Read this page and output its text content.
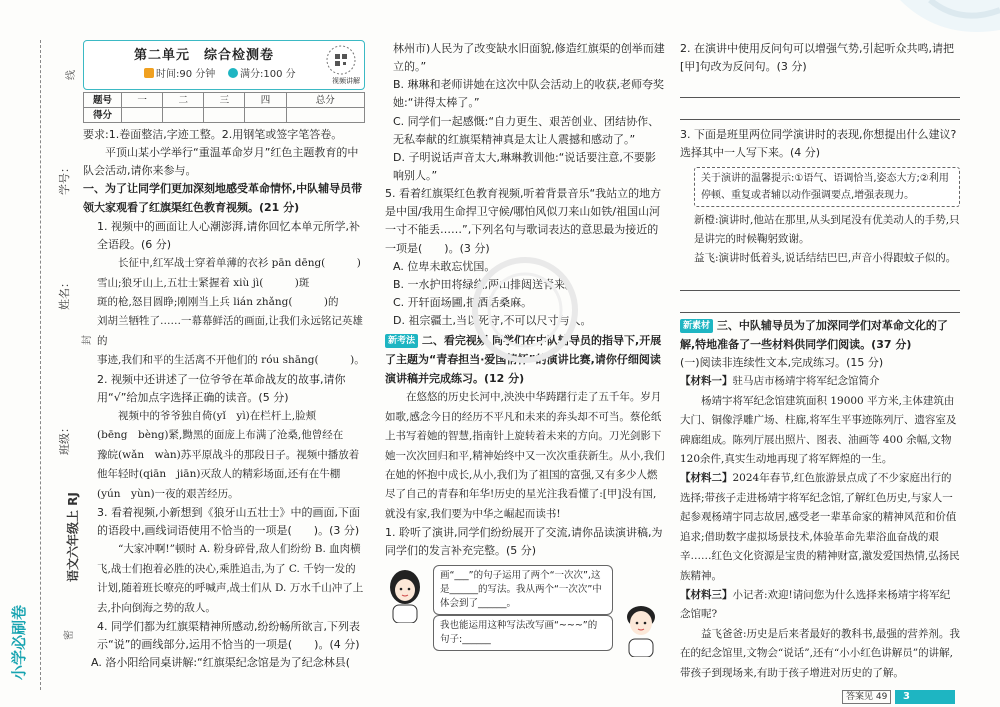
线
封
密
学号：
姓名：
班级：
语文六年级上 RJ
小学必刷卷
第二单元　综合检测卷
时间:90 分钟 满分:100 分
视频讲解
题号	一	二	三	四	总分
得分					

要求:1.卷面整洁,字迹工整。2.用钢笔或签字笔答卷。

平顶山某小学举行“重温革命岁月”红色主题教育的中队会活动,请你来参与。

一、为了让同学们更加深刻地感受革命情怀,中队辅导员带领大家观看了红旗渠红色教育视频。(21 分)

1. 视频中的画面让人心潮澎湃,请你回忆本单元所学,补全语段。(6 分)

长征中,红军战士穿着单薄的衣衫 pān dēng(　　　)

雪山;狼牙山上,五壮士紧握着 xiù jì(　　　)斑

斑的枪,怒目圆睁;刚刚当上兵 lián zhǎng(　　　)的

刘胡兰牺牲了……一幕幕鲜活的画面,让我们永远铭记英雄的

事迹,我们和平的生活离不开他们的 róu shāng(　　　)。

2. 视频中还讲述了一位爷爷在革命战友的故事,请你用“√”给加点字选择正确的读音。(5 分)

视频中的爷爷独自倚(yǐ　yì)在栏杆上,脸颊

(bēng　bèng)紧,黝黑的面庞上布满了沧桑,他曾经在

豫皖(wǎn　wàn)苏平原战斗的那段日子。视频中播放着

他年轻时(qiān　jiān)灭敌人的精彩场面,还有在牛棚

(yún　yùn)一夜的艰苦经历。

3. 看着视频,小新想到《狼牙山五壮士》中的画面,下面的语段中,画线词语使用不恰当的一项是(　　)。(3 分)

“大家冲啊!”顿时 A. 粉身碎骨,敌人们纷纷 B. 血肉横飞,战士们抱着必胜的决心,乘胜追击,为了 C. 千钧一发的计划,随着班长嘹亮的呼喊声,战士们从 D. 万水千山冲了上去,扑向倒海之势的敌人。

4. 同学们都为红旗渠精神所感动,纷纷畅所欲言,下列表示“说”的画线部分,运用不恰当的一项是(　　)。(4 分)

A. 洛小阳给同桌讲解:“红旗渠纪念馆是为了纪念林县(

林州市)人民为了改变缺水旧面貌,修造红旗渠的创举而建立的。”

B. 琳琳和老师讲她在这次中队会活动上的收获,老师夸奖她:“讲得太棒了。”

C. 同学们一起感慨:“自力更生、艰苦创业、团结协作、无私奉献的红旗渠精神真是太让人震撼和感动了。”

D. 子明说话声音太大,琳琳教训他:“说话要注意,不要影响别人。”

5. 看着红旗渠红色教育视频,听着背景音乐“我站立的地方是中国/我用生命捍卫守候/哪怕风似刀来山如铁/祖国山河一寸不能丢……”,下列名句与歌词表达的意思最为接近的一项是(　　)。(3 分)

A. 位卑未敢忘忧国。

B. 一水护田将绿绕,两山排闼送青来。

C. 开轩面场圃,把酒话桑麻。

D. 祖宗疆土,当以死守,不可以尺寸与人。

新考法 二、看完视频,同学们在中队辅导员的指导下,开展了主题为“青春担当·爱国情怀”的演讲比赛,请你仔细阅读演讲稿并完成练习。(12 分)

在悠悠的历史长河中,泱泱中华踌躇行走了五千年。岁月如歌,感念今日的经历不平凡和未来的奔头却不可当。蔡伦纸上书写着她的智慧,指南针上旋转着未来的方向。刀光剑影下她一次次回归和平,精神始终中又一次次重获新生。从小,我们在她的怀抱中成长,从小,我们为了祖国的富强,又有多少人燃尽了自己的青春和年华!历史的星光注我看懂了:[甲]没有国,就没有家,我们要为中华之崛起而读书!

1. 聆听了演讲,同学们纷纷展开了交流,请你品读演讲稿,为同学们的发言补充完整。(5 分)

画“___”的句子运用了两个“一次次”,这是______的写法。我从两个“一次次”中体会到了______。
我也能运用这种写法改写画“~~~”的句子:______

2. 在演讲中使用反问句可以增强气势,引起听众共鸣,请把[甲]句改为反问句。(3 分)

3. 下面是班里两位同学演讲时的表现,你想提出什么建议?选择其中一人写下来。(4 分)

关于演讲的温馨提示:①语气、语调恰当,姿态大方;②利用停顿、重复或者辅以动作强调要点,增强表现力。

新橙:演讲时,他站在那里,从头到尾没有优美动人的手势,只是讲完的时候鞠躬致谢。

益飞:演讲时低着头,说话结结巴巴,声音小得跟蚊子似的。

新素材 三、中队辅导员为了加深同学们对革命文化的了解,特地准备了一些材料供同学们阅读。(37 分)

(一)阅读非连续性文本,完成练习。(15 分)

【材料一】驻马店市杨靖宇将军纪念馆简介

杨靖宇将军纪念馆建筑面积 19000 平方米,主体建筑由大门、铜像浮雕广场、柱廊,将军生平事迹陈列厅、遗容室及碑廊组成。陈列厅展出照片、图表、油画等 400 余幅,文物120余件,真实生动地再现了将军辉煌的一生。

【材料二】2024年春节,红色旅游景点成了不少家庭出行的选择;带孩子走进杨靖宇将军纪念馆,了解红色历史,与家人一起参观杨靖宇同志故居,感受老一辈革命家的精神风范和价值追求;借助数字虚拟场景技术,体验革命先辈浴血奋战的艰辛……红色文化资源是宝贵的精神财富,激发爱国热情,弘扬民族精神。

【材料三】小记者:欢迎!请问您为什么选择来杨靖宇将军纪念馆呢?

益飞爸爸:历史是后来者最好的教科书,最强的营养剂。我在的纪念馆里,文物会“说话”,还有“小小红色讲解员”的讲解,带孩子到现场来,有助于孩子增进对历史的了解。

答案见 49	3
